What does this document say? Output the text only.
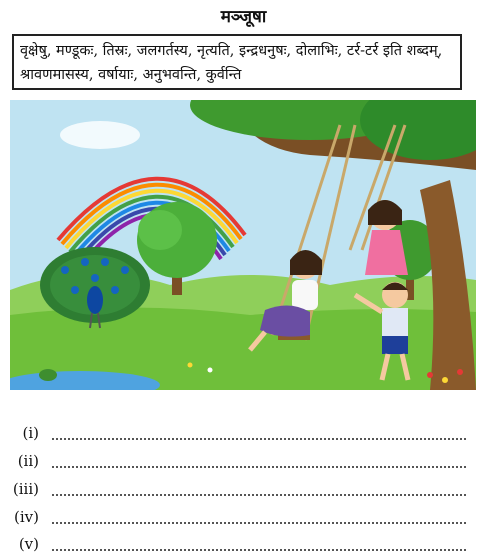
मञ्जूषा
वृक्षेषु, मण्डूकः, तिस्रः, जलगर्तस्य, नृत्यति, इन्द्रधनुषः, दोलाभिः, टर्र-टर्र इति शब्दम्,
श्रावणमासस्य, वर्षायाः, अनुभवन्ति, कुर्वन्ति
(i)
(ii)
(iii)
(iv)
(v)
